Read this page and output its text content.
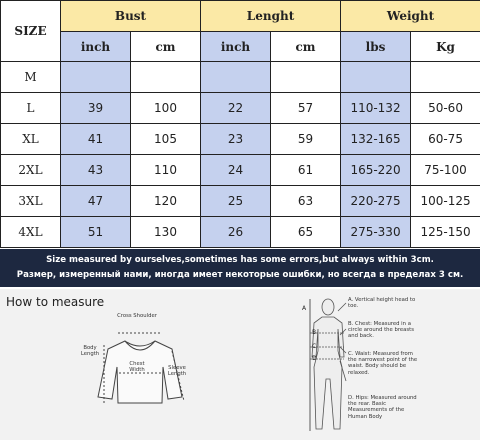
SIZE	Bust		Lenght		Weight	
	inch	cm	inch	cm	lbs	Kg
M						
L	39	100	22	57	110-132	50-60
XL	41	105	23	59	132-165	60-75
2XL	43	110	24	61	165-220	75-100
3XL	47	120	25	63	220-275	100-125
4XL	51	130	26	65	275-330	125-150
Size measured by ourselves,sometimes has some errors,but always within 3cm.
Размер, измеренный нами, иногда имеет некоторые ошибки, но всегда в пределах 3 см.
How to measure
Cross Shoulder
Body Length
Chest Width	Sleeve Length
A
B
C
D
A. Vertical height head to toe.
B. Chest: Measured in a circle around the breasts and back.
C. Waist: Measured from the narrowest point of the waist. Body should be relaxed.
D. Hips: Measured around the rear. Basic Measurements of the Human Body
